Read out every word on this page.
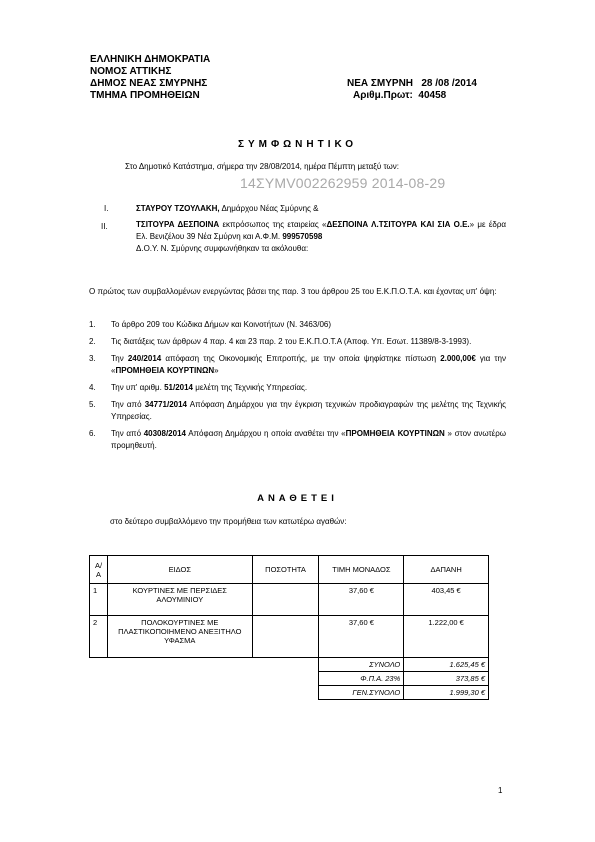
ΕΛΛΗΝΙΚΗ ΔΗΜΟΚΡΑΤΙΑ
ΝΟΜΟΣ ΑΤΤΙΚΗΣ
ΔΗΜΟΣ ΝΕΑΣ ΣΜΥΡΝΗΣ
ΤΜΗΜΑ ΠΡΟΜΗΘΕΙΩΝ
ΝΕΑ ΣΜΥΡΝΗ   28 /08 /2014
Αριθμ.Πρωτ:  40458
ΣΥΜΦΩΝΗΤΙΚΟ
Στο Δημοτικό Κατάστημα, σήμερα την 28/08/2014, ημέρα Πέμπτη μεταξύ των:
14ΣΥΜV002262959 2014-08-29
I.	ΣΤΑΥΡΟΥ ΤΖΟΥΛΑΚΗ, Δημάρχου Νέας Σμύρνης &
II.	ΤΣΙΤΟΥΡΑ ΔΕΣΠΟΙΝΑ εκπρόσωπος της εταιρείας «ΔΕΣΠΟΙΝΑ Λ.ΤΣΙΤΟΥΡΑ ΚΑΙ ΣΙΑ Ο.Ε.» με έδρα Ελ. Βενιζέλου 39 Νέα Σμύρνη και Α.Φ.Μ. 999570598
Δ.Ο.Υ. Ν. Σμύρνης συμφωνήθηκαν τα ακόλουθα:
Ο πρώτος των συμβαλλομένων ενεργώντας βάσει της παρ. 3 του άρθρου 25 του Ε.Κ.Π.Ο.Τ.Α. και έχοντας υπ' όψη:
1. Το άρθρο 209 του Κώδικα Δήμων και Κοινοτήτων (Ν. 3463/06)
2. Τις διατάξεις των άρθρων 4 παρ. 4 και 23 παρ. 2 του Ε.Κ.Π.Ο.Τ.Α (Αποφ. Υπ. Εσωτ. 11389/8-3-1993).
3. Την 240/2014 απόφαση της Οικονομικής Επιτροπής, με την οποία ψηφίστηκε πίστωση 2.000,00€ για την «ΠΡΟΜΗΘΕΙΑ ΚΟΥΡΤΙΝΩΝ»
4. Την υπ' αριθμ. 51/2014 μελέτη της Τεχνικής Υπηρεσίας.
5. Την από 34771/2014 Απόφαση Δημάρχου για την έγκριση τεχνικών προδιαγραφών της μελέτης της Τεχνικής Υπηρεσίας.
6. Την από 40308/2014 Απόφαση Δημάρχου η οποία αναθέτει την «ΠΡΟΜΗΘΕΙΑ ΚΟΥΡΤΙΝΩΝ » στον ανωτέρω προμηθευτή.
ΑΝΑΘΕΤΕΙ
στο δεύτερο συμβαλλόμενο την προμήθεια των κατωτέρω αγαθών:
Α/Α	ΕΙΔΟΣ	ΠΟΣΟΤΗΤΑ	ΤΙΜΗ ΜΟΝΑΔΟΣ	ΔΑΠΑΝΗ
1	ΚΟΥΡΤΙΝΕΣ ΜΕ ΠΕΡΣΙΔΕΣ ΑΛΟΥΜΙΝΙΟΥ		37,60 €	403,45 €
2	ΠΟΛΟΚΟΥΡΤΙΝΕΣ ΜΕ ΠΛΑΣΤΙΚΟΠΟΙΗΜΕΝΟ ΑΝΕΞΙΤΗΛΟ ΥΦΑΣΜΑ		37,60 €	1.222,00 €
			ΣΥΝΟΛΟ	1.625,45 €
			Φ.Π.Α. 23%	373,85 €
			ΓΕΝ.ΣΥΝΟΛΟ	1.999,30 €
1
